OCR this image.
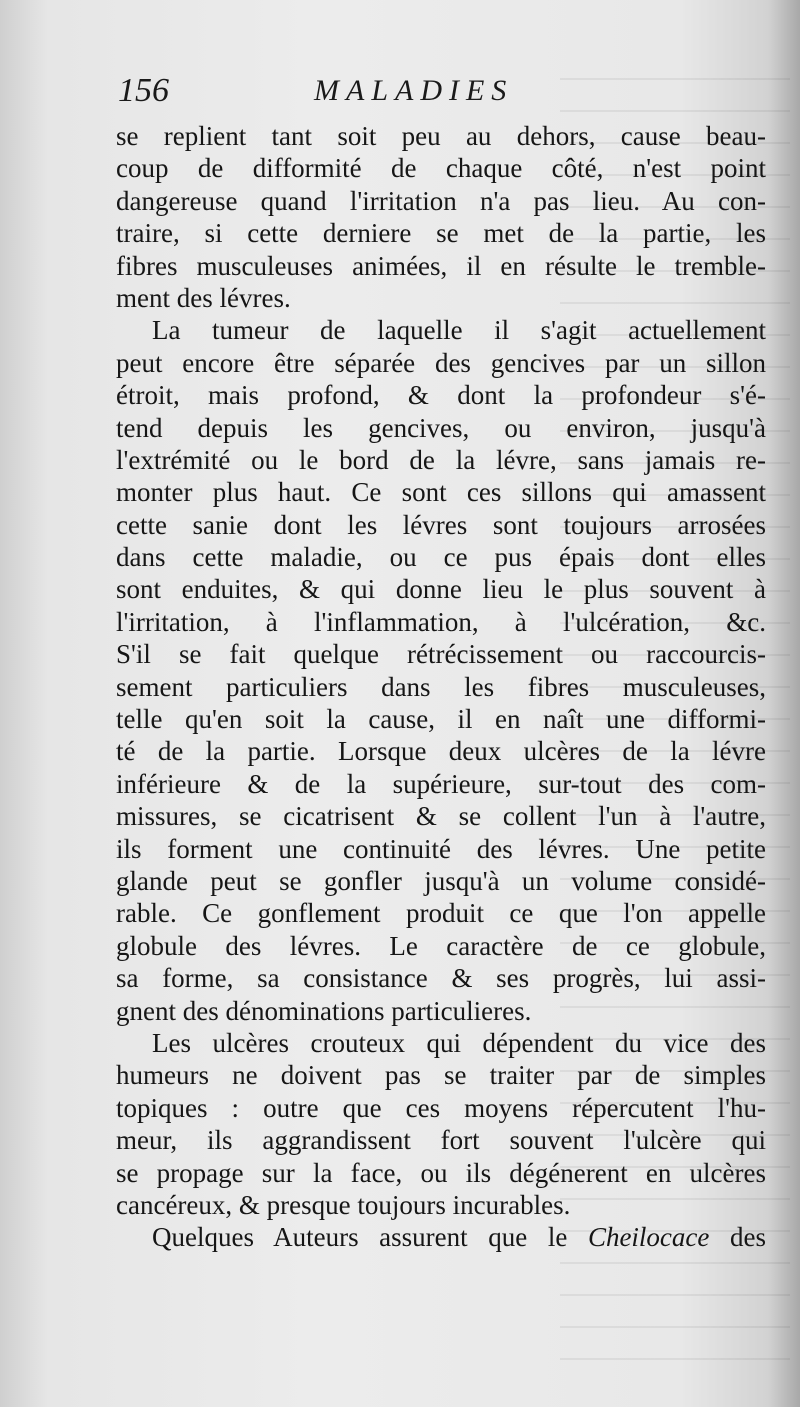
156	MALADIES
se replient tant soit peu au dehors, cause beau-
coup de difformité de chaque côté, n'est point
dangereuse quand l'irritation n'a pas lieu. Au con-
traire, si cette derniere se met de la partie, les
fibres musculeuses animées, il en résulte le tremble-
ment des lévres.
La tumeur de laquelle il s'agit actuellement
peut encore être séparée des gencives par un sillon
étroit, mais profond, & dont la profondeur s'é-
tend depuis les gencives, ou environ, jusqu'à
l'extrémité ou le bord de la lévre, sans jamais re-
monter plus haut. Ce sont ces sillons qui amassent
cette sanie dont les lévres sont toujours arrosées
dans cette maladie, ou ce pus épais dont elles
sont enduites, & qui donne lieu le plus souvent à
l'irritation, à l'inflammation, à l'ulcération, &c.
S'il se fait quelque rétrécissement ou raccourcis-
sement particuliers dans les fibres musculeuses,
telle qu'en soit la cause, il en naît une difformi-
té de la partie. Lorsque deux ulcères de la lévre
inférieure & de la supérieure, sur-tout des com-
missures, se cicatrisent & se collent l'un à l'autre,
ils forment une continuité des lévres. Une petite
glande peut se gonfler jusqu'à un volume considé-
rable. Ce gonflement produit ce que l'on appelle
globule des lévres. Le caractère de ce globule,
sa forme, sa consistance & ses progrès, lui assi-
gnent des dénominations particulieres.
Les ulcères crouteux qui dépendent du vice des
humeurs ne doivent pas se traiter par de simples
topiques : outre que ces moyens répercutent l'hu-
meur, ils aggrandissent fort souvent l'ulcère qui
se propage sur la face, ou ils dégénerent en ulcères
cancéreux, & presque toujours incurables.
Quelques Auteurs assurent que le Cheilocace des
